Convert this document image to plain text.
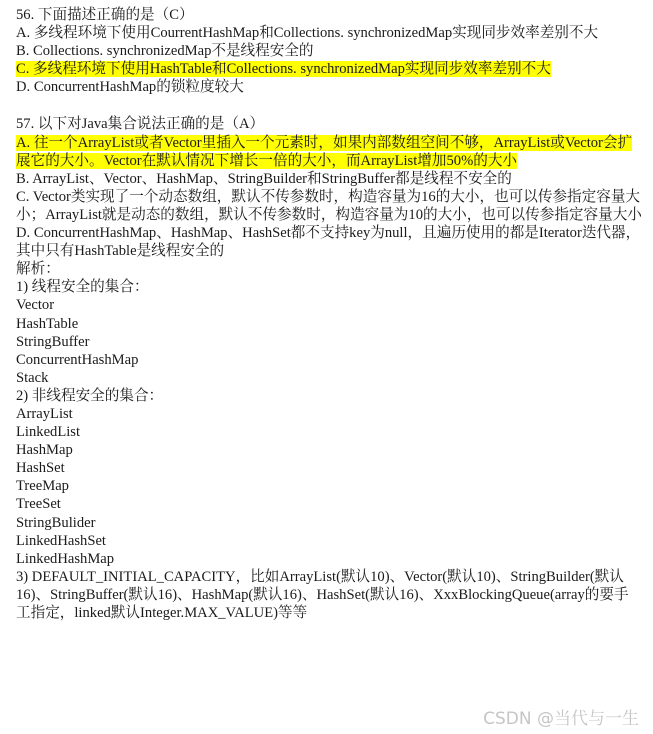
56. 下面描述正确的是（C）
A. 多线程环境下使用CourrentHashMap和Collections. synchronizedMap实现同步效率差别不大
B. Collections. synchronizedMap不是线程安全的
C. 多线程环境下使用HashTable和Collections. synchronizedMap实现同步效率差别不大
D. ConcurrentHashMap的锁粒度较大
57. 以下对Java集合说法正确的是（A）
A. 往一个ArrayList或者Vector里插入一个元素时，如果内部数组空间不够，ArrayList或Vector会扩展它的大小。Vector在默认情况下增长一倍的大小，而ArrayList增加50%的大小
B. ArrayList、Vector、HashMap、StringBuilder和StringBuffer都是线程不安全的
C. Vector类实现了一个动态数组，默认不传参数时，构造容量为16的大小，也可以传参指定容量大小；ArrayList就是动态的数组，默认不传参数时，构造容量为10的大小，也可以传参指定容量大小
D. ConcurrentHashMap、HashMap、HashSet都不支持key为null，且遍历使用的都是Iterator迭代器，其中只有HashTable是线程安全的
解析：
1) 线程安全的集合：
Vector
HashTable
StringBuffer
ConcurrentHashMap
Stack
2) 非线程安全的集合：
ArrayList
LinkedList
HashMap
HashSet
TreeMap
TreeSet
StringBulider
LinkedHashSet
LinkedHashMap
3) DEFAULT_INITIAL_CAPACITY，比如ArrayList(默认10)、Vector(默认10)、StringBuilder(默认16)、StringBuffer(默认16)、HashMap(默认16)、HashSet(默认16)、XxxBlockingQueue(array的要手工指定，linked默认Integer.MAX_VALUE)等等
CSDN @当代与一生
